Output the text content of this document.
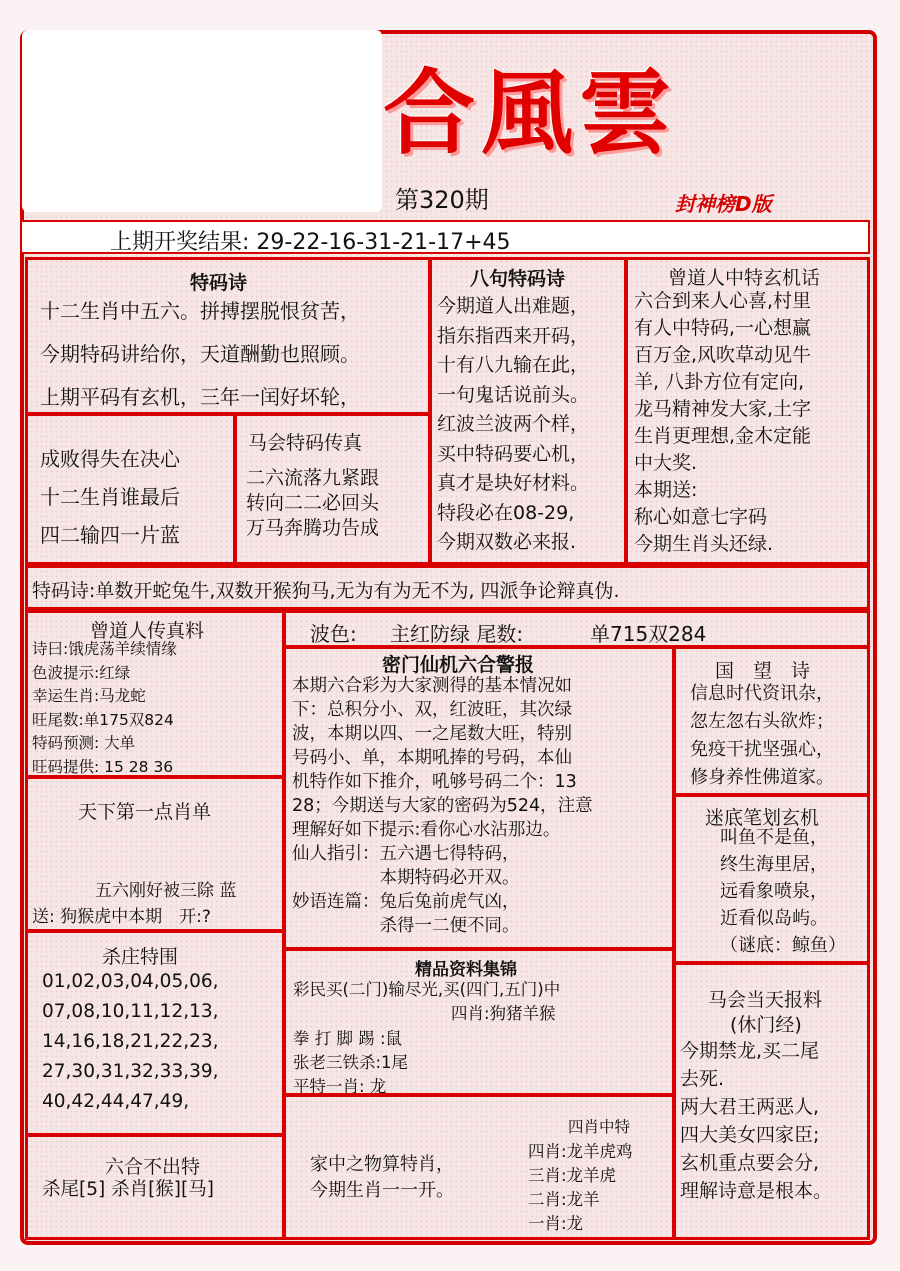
合風雲
第320期	封神榜D版
上期开奖结果: 29-22-16-31-21-17+45
特码诗
十二生肖中五六。拼搏摆脱恨贫苦，
今期特码讲给你，天道酬勤也照顾。
上期平码有玄机，三年一闰好坏轮，
成败得失在决心
十二生肖谁最后
四二输四一片蓝
马会特码传真
二六流落九紧跟
转向二二必回头
万马奔腾功告成
八句特码诗
今期道人出难题，
指东指西来开码，
十有八九输在此，
一句鬼话说前头。
红波兰波两个样，
买中特码要心机，
真才是块好材料。
特段必在08-29,
今期双数必来报.
曾道人中特玄机话
六合到来人心喜,村里
有人中特码,一心想赢
百万金,风吹草动见牛
羊, 八卦方位有定向,
龙马精神发大家,土字
生肖更理想,金木定能
中大奖.
本期送:
称心如意七字码
今期生肖头还绿.
特码诗:单数开蛇兔牛,双数开猴狗马,无为有为无不为, 四派争论辩真伪.
曾道人传真料
诗曰:饿虎荡羊续情缘
色波提示:红绿
幸运生肖:马龙蛇
旺尾数:单175双824
特码预测: 大单
旺码提供: 15 28 36
波色: 主红防绿 尾数:	单715双284
密门仙机六合警报
本期六合彩为大家测得的基本情况如
下：总积分小、双，红波旺，其次绿
波，本期以四、一之尾数大旺，特别
号码小、单，本期吼捧的号码，本仙
机特作如下推介，吼够号码二个：13
28；今期送与大家的密码为524，注意
理解好如下提示:看你心水沾那边。
仙人指引：五六遇七得特码，
　　　　　本期特码必开双。
妙语连篇：兔后兔前虎气凶，
　　　　　杀得一二便不同。
国　望　诗
信息时代资讯杂，
忽左忽右头欲炸；
免疫干扰坚强心，
修身养性佛道家。
迷底笔划玄机
叫鱼不是鱼，
终生海里居，
远看象喷泉，
近看似岛屿。
（谜底：鲸鱼）
天下第一点肖单
五六刚好被三除 蓝
送: 狗猴虎中本期　开:?
杀庄特围
01,02,03,04,05,06,
07,08,10,11,12,13,
14,16,18,21,22,23,
27,30,31,32,33,39,
40,42,44,47,49,
精品资料集锦
彩民买(二门)输尽光,买(四门,五门)中
四肖:狗猪羊猴
拳 打 脚 踢 :鼠
张老三铁杀:1尾
平特一肖: 龙
马会当天报料
(休门经)
今期禁龙,买二尾
去死.
两大君王两恶人,
四大美女四家臣;
玄机重点要会分,
理解诗意是根本。
六合不出特
杀尾[5] 杀肖[猴][马]
家中之物算特肖，
今期生肖一一开。
四肖中特
四肖:龙羊虎鸡
三肖:龙羊虎
二肖:龙羊
一肖:龙
